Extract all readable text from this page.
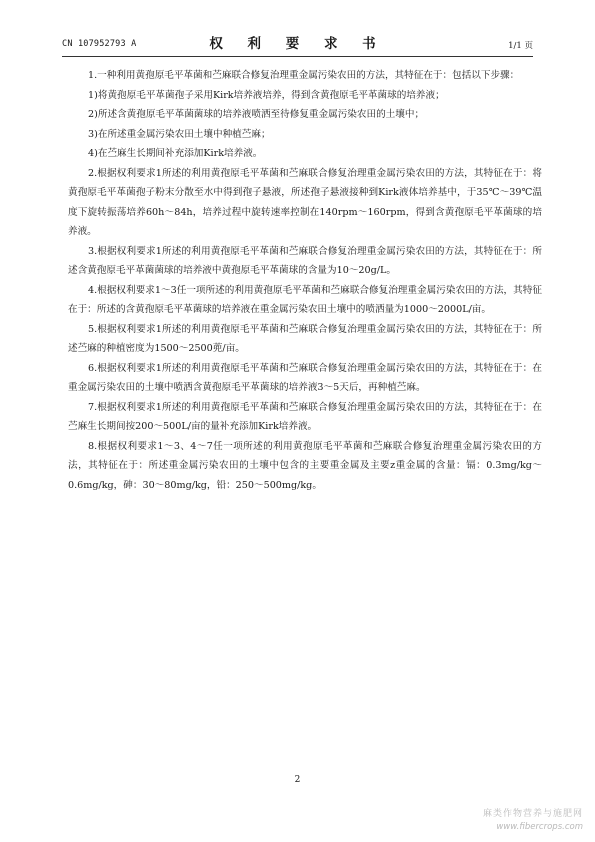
CN 107952793 A	权 利 要 求 书	1/1 页

1.一种利用黄孢原毛平革菌和苎麻联合修复治理重金属污染农田的方法，其特征在于：包括以下步骤：

1)将黄孢原毛平革菌孢子采用Kirk培养液培养，得到含黄孢原毛平革菌球的培养液；

2)所述含黄孢原毛平革菌菌球的培养液喷洒至待修复重金属污染农田的土壤中；

3)在所述重金属污染农田土壤中种植苎麻；

4)在苎麻生长期间补充添加Kirk培养液。

2.根据权利要求1所述的利用黄孢原毛平革菌和苎麻联合修复治理重金属污染农田的方法，其特征在于：将黄孢原毛平革菌孢子粉末分散至水中得到孢子悬液，所述孢子悬液接种到Kirk液体培养基中，于35℃～39℃温度下旋转振荡培养60h～84h，培养过程中旋转速率控制在140rpm～160rpm，得到含黄孢原毛平革菌球的培养液。

3.根据权利要求1所述的利用黄孢原毛平革菌和苎麻联合修复治理重金属污染农田的方法，其特征在于：所述含黄孢原毛平革菌菌球的培养液中黄孢原毛平革菌球的含量为10～20g/L。

4.根据权利要求1～3任一项所述的利用黄孢原毛平革菌和苎麻联合修复治理重金属污染农田的方法，其特征在于：所述的含黄孢原毛平革菌球的培养液在重金属污染农田土壤中的喷洒量为1000～2000L/亩。

5.根据权利要求1所述的利用黄孢原毛平革菌和苎麻联合修复治理重金属污染农田的方法，其特征在于：所述苎麻的种植密度为1500～2500蔸/亩。

6.根据权利要求1所述的利用黄孢原毛平革菌和苎麻联合修复治理重金属污染农田的方法，其特征在于：在重金属污染农田的土壤中喷洒含黄孢原毛平革菌球的培养液3～5天后，再种植苎麻。

7.根据权利要求1所述的利用黄孢原毛平革菌和苎麻联合修复治理重金属污染农田的方法，其特征在于：在苎麻生长期间按200～500L/亩的量补充添加Kirk培养液。

8.根据权利要求1～3、4～7任一项所述的利用黄孢原毛平革菌和苎麻联合修复治理重金属污染农田的方法，其特征在于：所述重金属污染农田的土壤中包含的主要重金属及主要z重金属的含量：镉：0.3mg/kg～0.6mg/kg，砷：30～80mg/kg，铅：250～500mg/kg。

2
麻类作物营养与施肥网
www.fibercrops.com
